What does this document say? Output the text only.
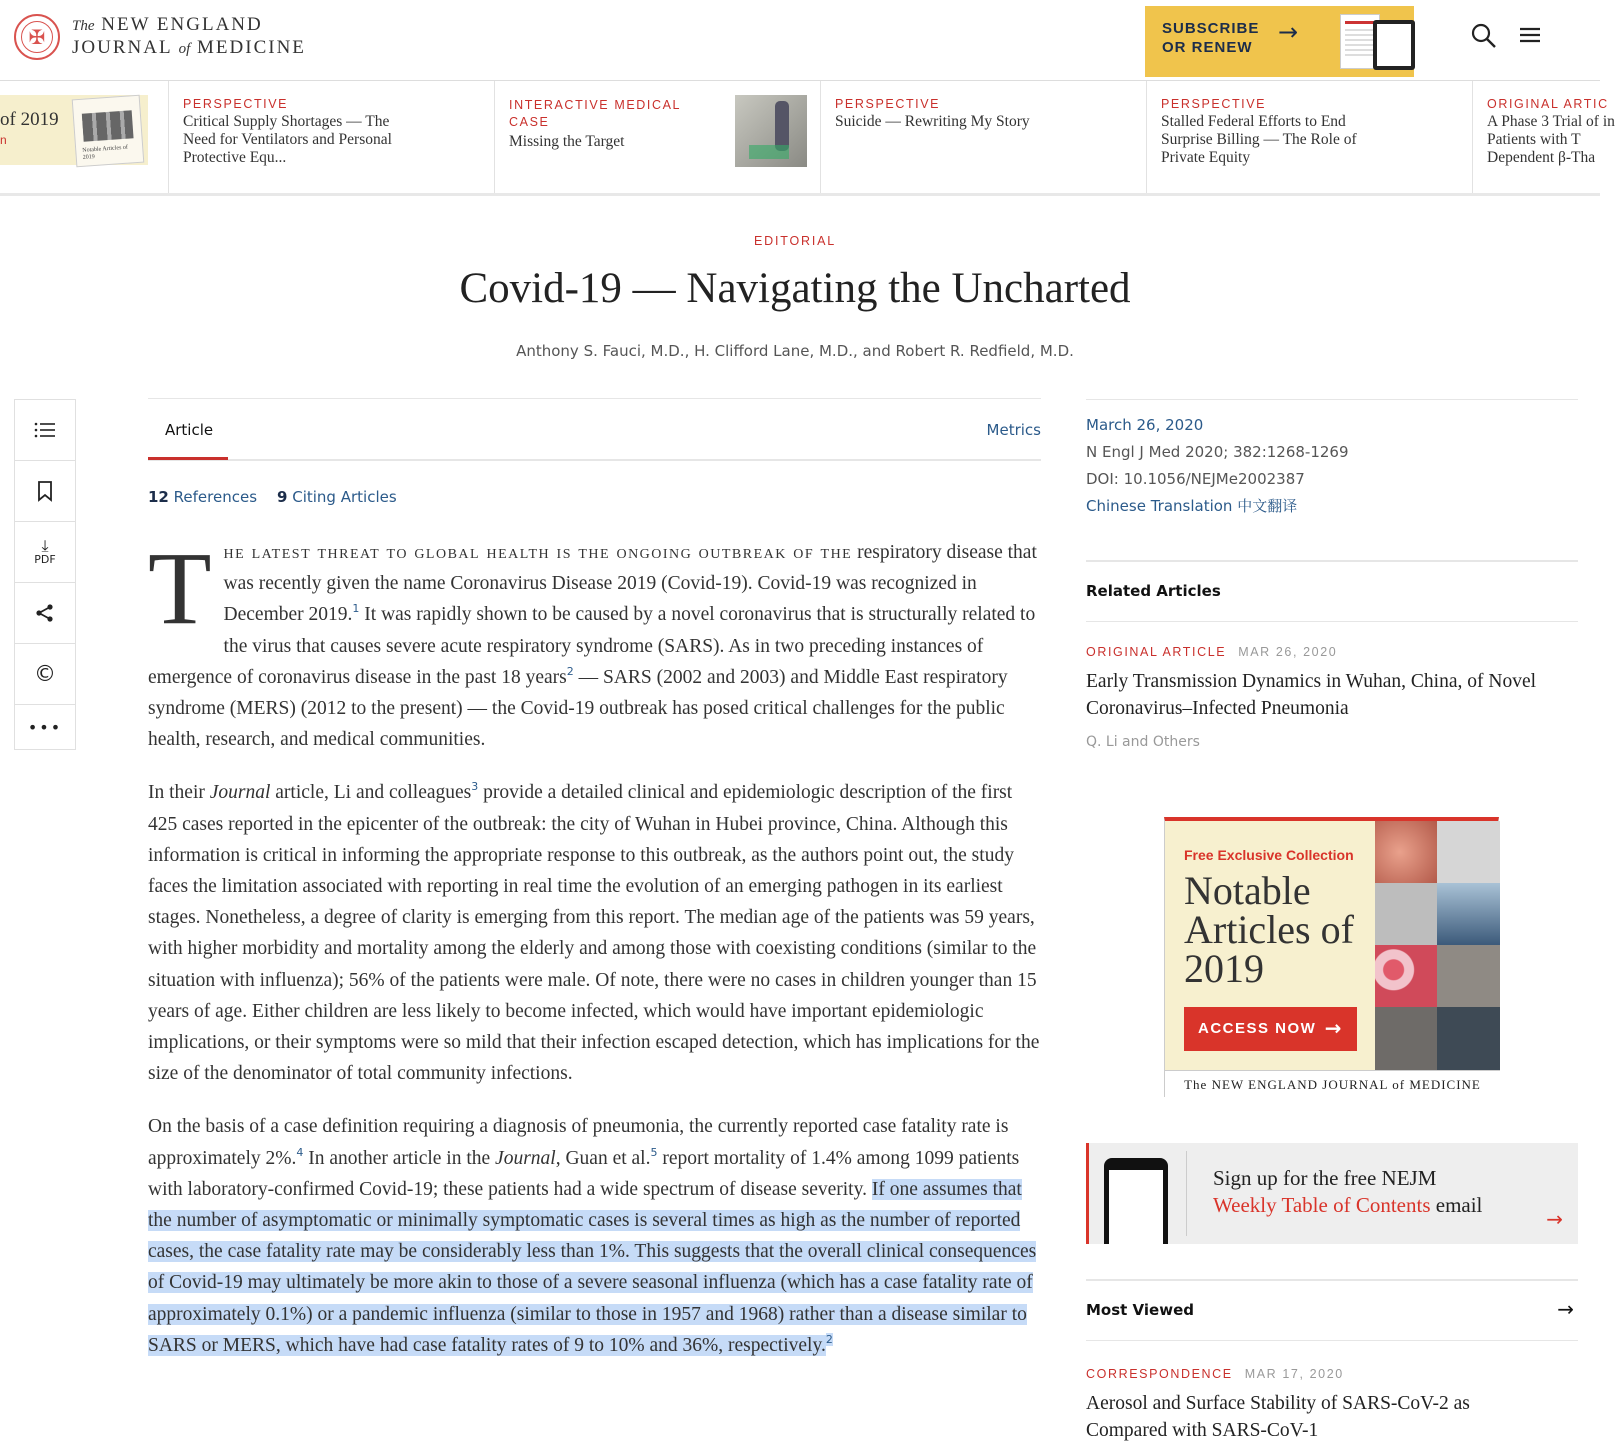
✠
The NEW ENGLAND
JOURNAL of MEDICINE
SUBSCRIBE OR RENEW
→
of 2019
n
Notable Articles of 2019
PERSPECTIVE
Critical Supply Shortages — The Need for Ventilators and Personal Protective Equ...
INTERACTIVE MEDICAL CASE
Missing the Target
PERSPECTIVE
Suicide — Rewriting My Story
PERSPECTIVE
Stalled Federal Efforts to End Surprise Billing — The Role of Private Equity
ORIGINAL ARTIC
A Phase 3 Trial of in Patients with T Dependent β-Tha
EDITORIAL
Covid-19 — Navigating the Uncharted
Anthony S. Fauci, M.D., H. Clifford Lane, M.D., and Robert R. Redfield, M.D.
⤓
PDF
©
•••
Article	Metrics
12 References 9 Citing Articles

The latest threat to global health is the ongoing outbreak of the respiratory disease that was recently given the name Coronavirus Disease 2019 (Covid-19). Covid-19 was recognized in December 2019.$^1$ It was rapidly shown to be caused by a novel coronavirus that is structurally related to the virus that causes severe acute respiratory syndrome (SARS). As in two preceding instances of emergence of coronavirus disease in the past 18 years$^2$ — SARS (2002 and 2003) and Middle East respiratory syndrome (MERS) (2012 to the present) — the Covid-19 outbreak has posed critical challenges for the public health, research, and medical communities.

In their Journal article, Li and colleagues$^3$ provide a detailed clinical and epidemiologic description of the first 425 cases reported in the epicenter of the outbreak: the city of Wuhan in Hubei province, China. Although this information is critical in informing the appropriate response to this outbreak, as the authors point out, the study faces the limitation associated with reporting in real time the evolution of an emerging pathogen in its earliest stages. Nonetheless, a degree of clarity is emerging from this report. The median age of the patients was 59 years, with higher morbidity and mortality among the elderly and among those with coexisting conditions (similar to the situation with influenza); 56% of the patients were male. Of note, there were no cases in children younger than 15 years of age. Either children are less likely to become infected, which would have important epidemiologic implications, or their symptoms were so mild that their infection escaped detection, which has implications for the size of the denominator of total community infections.

On the basis of a case definition requiring a diagnosis of pneumonia, the currently reported case fatality rate is approximately 2%.$^4$ In another article in the Journal, Guan et al.$^5$ report mortality of 1.4% among 1099 patients with laboratory-confirmed Covid-19; these patients had a wide spectrum of disease severity. If one assumes that the number of asymptomatic or minimally symptomatic cases is several times as high as the number of reported cases, the case fatality rate may be considerably less than 1%. This suggests that the overall clinical consequences of Covid-19 may ultimately be more akin to those of a severe seasonal influenza (which has a case fatality rate of approximately 0.1%) or a pandemic influenza (similar to those in 1957 and 1968) rather than a disease similar to SARS or MERS, which have had case fatality rates of 9 to 10% and 36%, respectively.$^2$

March 26, 2020
N Engl J Med 2020; 382:1268-1269
DOI: 10.1056/NEJMe2002387
Chinese Translation 中文翻译
Related Articles
ORIGINAL ARTICLE MAR 26, 2020
Early Transmission Dynamics in Wuhan, China, of Novel Coronavirus–Infected Pneumonia
Q. Li and Others
Free Exclusive Collection
Notable Articles of 2019
ACCESS NOW →
The NEW ENGLAND JOURNAL of MEDICINE
Sign up for the free NEJM
Weekly Table of Contents email
→
Most Viewed	→
CORRESPONDENCE MAR 17, 2020
Aerosol and Surface Stability of SARS-CoV-2 as Compared with SARS-CoV-1
